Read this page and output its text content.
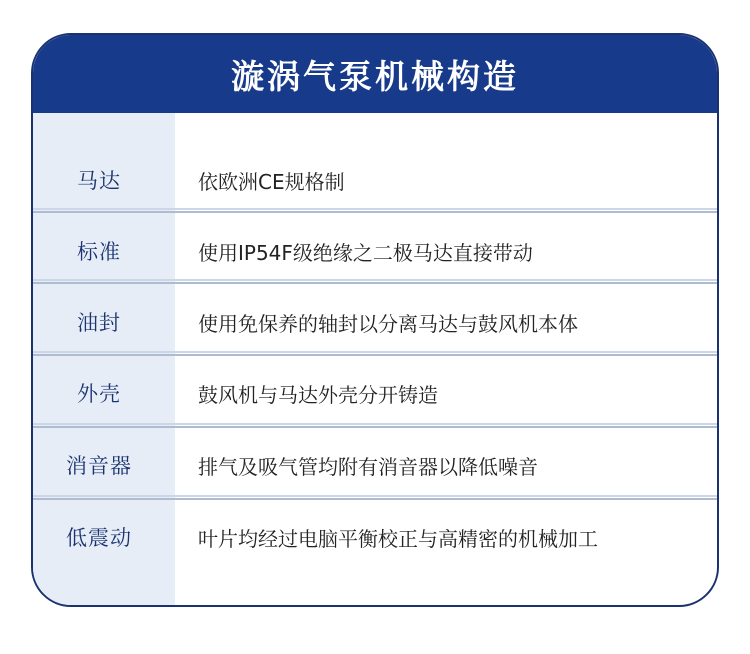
漩涡气泵机械构造
马达	依欧洲CE规格制
标准	使用IP54F级绝缘之二极马达直接带动
油封	使用免保养的轴封以分离马达与鼓风机本体
外壳	鼓风机与马达外壳分开铸造
消音器	排气及吸气管均附有消音器以降低噪音
低震动	叶片均经过电脑平衡校正与高精密的机械加工
